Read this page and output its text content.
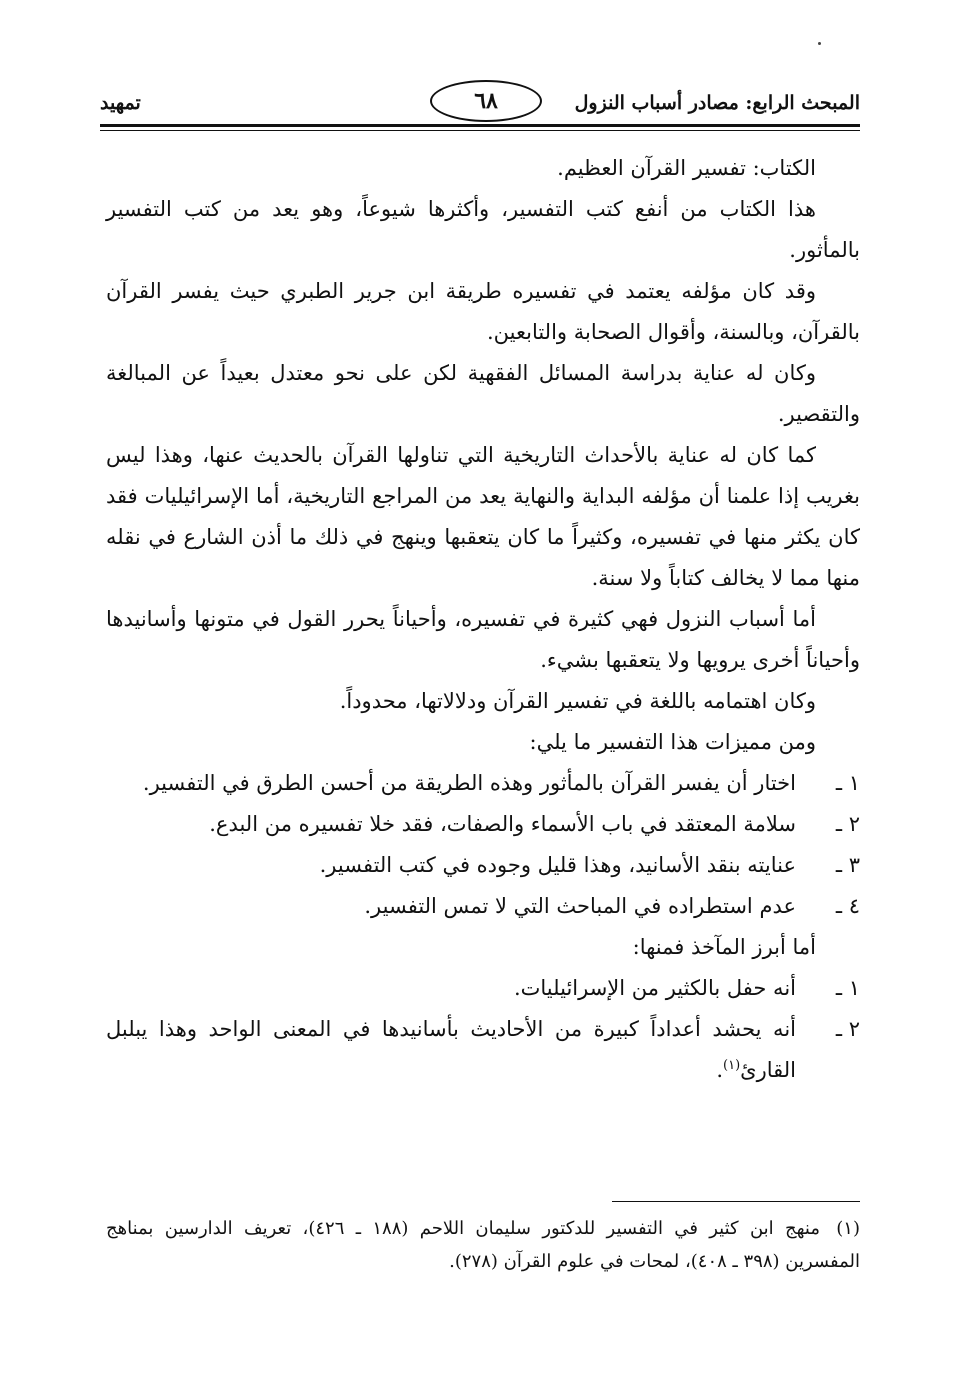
المبحث الرابع: مصادر أسباب النزول
٦٨
تمهيد

الكتاب: تفسير القرآن العظيم.

هذا الكتاب من أنفع كتب التفسير، وأكثرها شيوعاً، وهو يعد من كتب التفسير بالمأثور.

وقد كان مؤلفه يعتمد في تفسيره طريقة ابن جرير الطبري حيث يفسر القرآن بالقرآن، وبالسنة، وأقوال الصحابة والتابعين.

وكان له عناية بدراسة المسائل الفقهية لكن على نحو معتدل بعيداً عن المبالغة والتقصير.

كما كان له عناية بالأحداث التاريخية التي تناولها القرآن بالحديث عنها، وهذا ليس بغريب إذا علمنا أن مؤلفه البداية والنهاية يعد من المراجع التاريخية، أما الإسرائيليات فقد كان يكثر منها في تفسيره، وكثيراً ما كان يتعقبها وينهج في ذلك ما أذن الشارع في نقله منها مما لا يخالف كتاباً ولا سنة.

أما أسباب النزول فهي كثيرة في تفسيره، وأحياناً يحرر القول في متونها وأسانيدها وأحياناً أخرى يرويها ولا يتعقبها بشيء.

وكان اهتمامه باللغة في تفسير القرآن ودلالاتها، محدوداً.

ومن مميزات هذا التفسير ما يلي:

١ ـ
اختار أن يفسر القرآن بالمأثور وهذه الطريقة من أحسن الطرق في التفسير.
٢ ـ
سلامة المعتقد في باب الأسماء والصفات، فقد خلا تفسيره من البدع.
٣ ـ
عنايته بنقد الأسانيد، وهذا قليل وجوده في كتب التفسير.
٤ ـ
عدم استطراده في المباحث التي لا تمس التفسير.

أما أبرز المآخذ فمنها:

١ ـ
أنه حفل بالكثير من الإسرائيليات.
٢ ـ
أنه يحشد أعداداً كبيرة من الأحاديث بأسانيدها في المعنى الواحد وهذا يبلبل القارئ$^{(١)}$.
(١)منهج ابن كثير في التفسير للدكتور سليمان اللاحم (١٨٨ ـ ٤٢٦)، تعريف الدارسين بمناهج المفسرين (٣٩٨ ـ ٤٠٨)، لمحات في علوم القرآن (٢٧٨).
